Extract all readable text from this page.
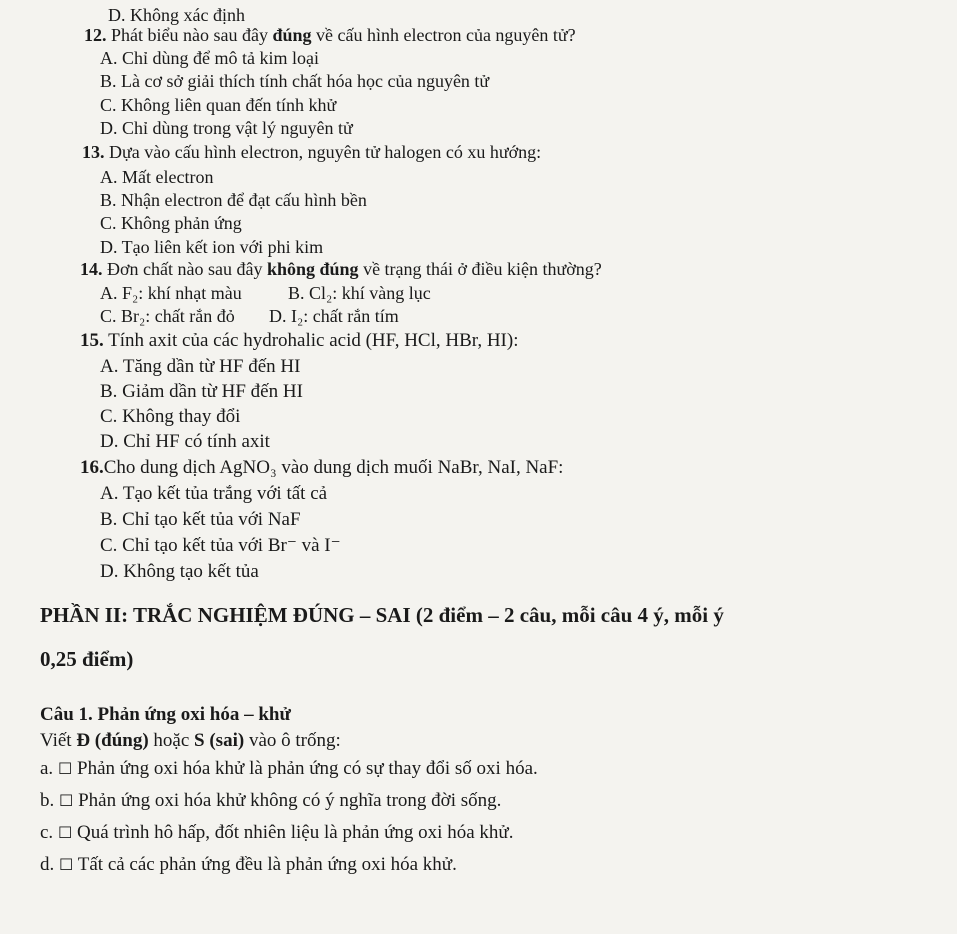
D. Không xác định
12. Phát biểu nào sau đây đúng về cấu hình electron của nguyên tử?
A. Chỉ dùng để mô tả kim loại
B. Là cơ sở giải thích tính chất hóa học của nguyên tử
C. Không liên quan đến tính khử
D. Chỉ dùng trong vật lý nguyên tử
13. Dựa vào cấu hình electron, nguyên tử halogen có xu hướng:
A. Mất electron
B. Nhận electron để đạt cấu hình bền
C. Không phản ứng
D. Tạo liên kết ion với phi kim
14. Đơn chất nào sau đây không đúng về trạng thái ở điều kiện thường?
A. F₂: khí nhạt màu	B. Cl₂: khí vàng lục
C. Br₂: chất rắn đỏ D. I₂: chất rắn tím
15. Tính axit của các hydrohalic acid (HF, HCl, HBr, HI):
A. Tăng dần từ HF đến HI
B. Giảm dần từ HF đến HI
C. Không thay đổi
D. Chỉ HF có tính axit
16.Cho dung dịch AgNO₃ vào dung dịch muối NaBr, NaI, NaF:
A. Tạo kết tủa trắng với tất cả
B. Chỉ tạo kết tủa với NaF
C. Chỉ tạo kết tủa với Br⁻ và I⁻
D. Không tạo kết tủa
PHẦN II: TRẮC NGHIỆM ĐÚNG – SAI (2 điểm – 2 câu, mỗi câu 4 ý, mỗi ý
0,25 điểm)
Câu 1. Phản ứng oxi hóa – khử
Viết Đ (đúng) hoặc S (sai) vào ô trống:
a. ☐ Phản ứng oxi hóa khử là phản ứng có sự thay đổi số oxi hóa.
b. ☐ Phản ứng oxi hóa khử không có ý nghĩa trong đời sống.
c. ☐ Quá trình hô hấp, đốt nhiên liệu là phản ứng oxi hóa khử.
d. ☐ Tất cả các phản ứng đều là phản ứng oxi hóa khử.
